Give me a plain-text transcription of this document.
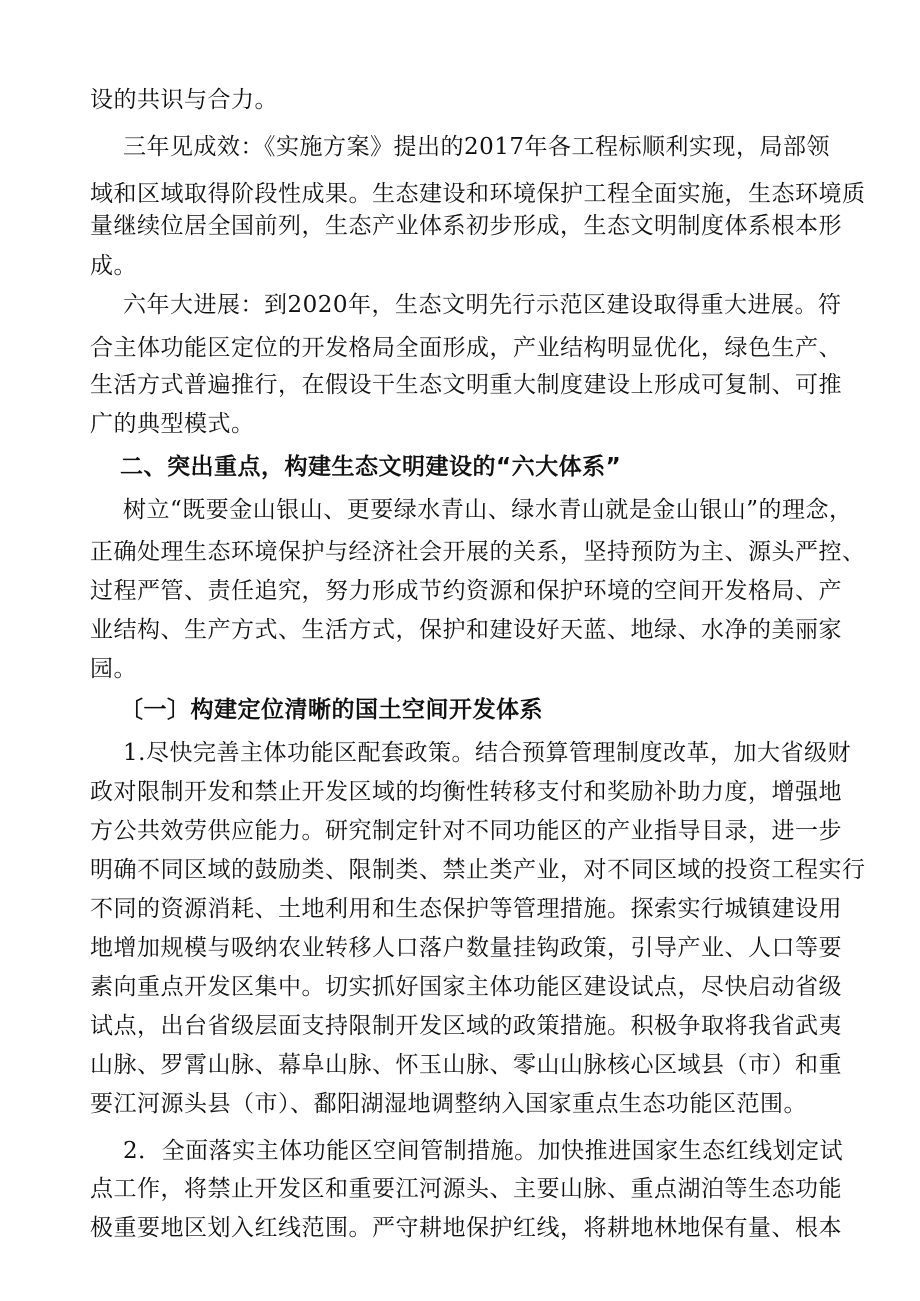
设的共识与合力。
三年见成效：《实施方案》提出的2017年各工程标顺利实现，局部领
域和区域取得阶段性成果。生态建设和环境保护工程全面实施，生态环境质
量继续位居全国前列，生态产业体系初步形成，生态文明制度体系根本形
成。
六年大进展：到2020年，生态文明先行示范区建设取得重大进展。符
合主体功能区定位的开发格局全面形成，产业结构明显优化，绿色生产、
生活方式普遍推行，在假设干生态文明重大制度建设上形成可复制、可推
广的典型模式。
二、突出重点，构建生态文明建设的“六大体系”
树立“既要金山银山、更要绿水青山、绿水青山就是金山银山”的理念，
正确处理生态环境保护与经济社会开展的关系，坚持预防为主、源头严控、
过程严管、责任追究，努力形成节约资源和保护环境的空间开发格局、产
业结构、生产方式、生活方式，保护和建设好天蓝、地绿、水净的美丽家
园。
〔一〕构建定位清晰的国土空间开发体系
1.尽快完善主体功能区配套政策。结合预算管理制度改革，加大省级财
政对限制开发和禁止开发区域的均衡性转移支付和奖励补助力度，增强地
方公共效劳供应能力。研究制定针对不同功能区的产业指导目录，进一步
明确不同区域的鼓励类、限制类、禁止类产业，对不同区域的投资工程实行
不同的资源消耗、土地利用和生态保护等管理措施。探索实行城镇建设用
地增加规模与吸纳农业转移人口落户数量挂钩政策，引导产业、人口等要
素向重点开发区集中。切实抓好国家主体功能区建设试点，尽快启动省级
试点，出台省级层面支持限制开发区域的政策措施。积极争取将我省武夷
山脉、罗霄山脉、幕阜山脉、怀玉山脉、零山山脉核心区域县（市）和重
要江河源头县（市）、鄱阳湖湿地调整纳入国家重点生态功能区范围。
2．全面落实主体功能区空间管制措施。加快推进国家生态红线划定试
点工作，将禁止开发区和重要江河源头、主要山脉、重点湖泊等生态功能
极重要地区划入红线范围。严守耕地保护红线，将耕地林地保有量、根本
